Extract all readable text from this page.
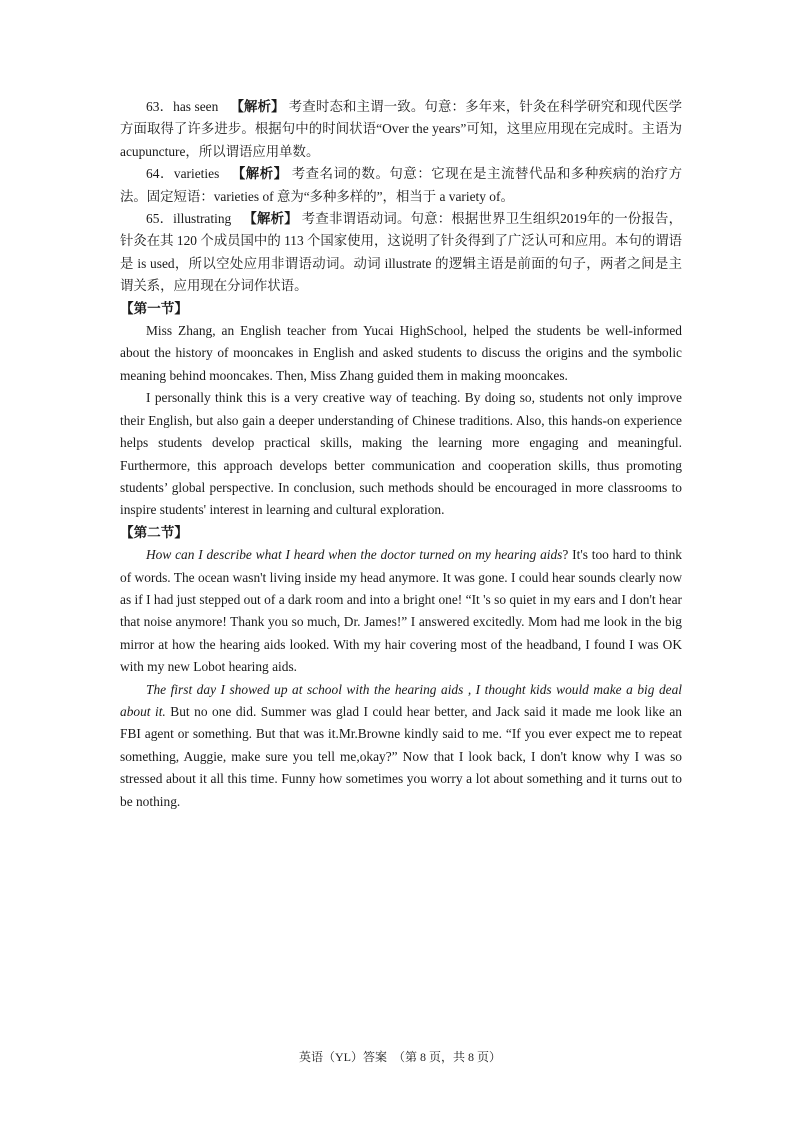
63．has seen 【解析】 考查时态和主谓一致。句意：多年来，针灸在科学研究和现代医学方面取得了许多进步。根据句中的时间状语“Over the years”可知，这里应用现在完成时。主语为 acupuncture，所以谓语应用单数。

64．varieties 【解析】 考查名词的数。句意：它现在是主流替代品和多种疾病的治疗方法。固定短语：varieties of 意为“多种多样的”，相当于 a variety of。

65．illustrating 【解析】 考查非谓语动词。句意：根据世界卫生组织2019年的一份报告，针灸在其 120 个成员国中的 113 个国家使用，这说明了针灸得到了广泛认可和应用。本句的谓语是 is used，所以空处应用非谓语动词。动词 illustrate 的逻辑主语是前面的句子，两者之间是主谓关系，应用现在分词作状语。

【第一节】

Miss Zhang, an English teacher from Yucai HighSchool, helped the students be well-informed about the history of mooncakes in English and asked students to discuss the origins and the symbolic meaning behind mooncakes. Then, Miss Zhang guided them in making mooncakes.

I personally think this is a very creative way of teaching. By doing so, students not only improve their English, but also gain a deeper understanding of Chinese traditions. Also, this hands-on experience helps students develop practical skills, making the learning more engaging and meaningful. Furthermore, this approach develops better communication and cooperation skills, thus promoting students’ global perspective. In conclusion, such methods should be encouraged in more classrooms to inspire students' interest in learning and cultural exploration.

【第二节】

How can I describe what I heard when the doctor turned on my hearing aids? It's too hard to think of words. The ocean wasn't living inside my head anymore. It was gone. I could hear sounds clearly now as if I had just stepped out of a dark room and into a bright one! “It 's so quiet in my ears and I don't hear that noise anymore! Thank you so much, Dr. James!” I answered excitedly. Mom had me look in the big mirror at how the hearing aids looked. With my hair covering most of the headband, I found I was OK with my new Lobot hearing aids.

The first day I showed up at school with the hearing aids , I thought kids would make a big deal about it. But no one did. Summer was glad I could hear better, and Jack said it made me look like an FBI agent or something. But that was it.Mr.Browne kindly said to me. “If you ever expect me to repeat something, Auggie, make sure you tell me,okay?” Now that I look back, I don't know why I was so stressed about it all this time. Funny how sometimes you worry a lot about something and it turns out to be nothing.

英语（YL）答案　（第 8 页，共 8 页）
